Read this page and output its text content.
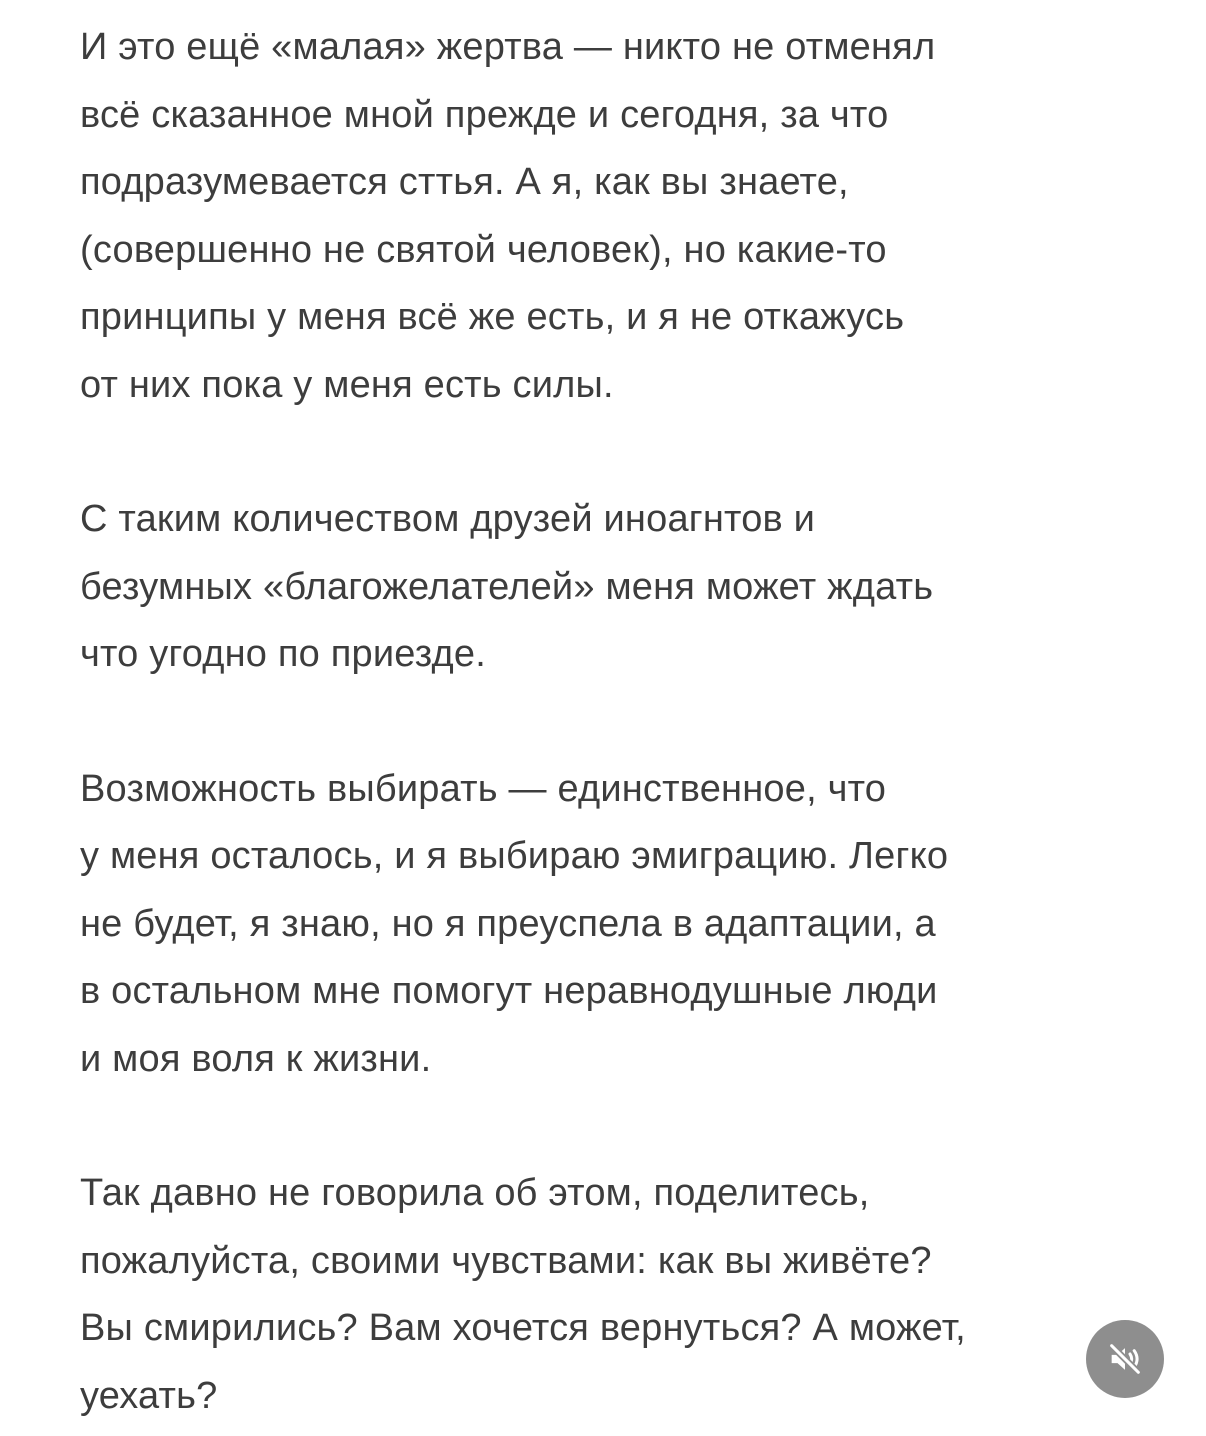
И это ещё «малая» жертва — никто не отменял
всё сказанное мной прежде и сегодня, за что
подразумевается сттья. А я, как вы знаете,
(совершенно не святой человек), но какие-то
принципы у меня всё же есть, и я не откажусь
от них пока у меня есть силы.
С таким количеством друзей иноагнтов и
безумных «благожелателей» меня может ждать
что угодно по приезде.
Возможность выбирать — единственное, что
у меня осталось, и я выбираю эмиграцию. Легко
не будет, я знаю, но я преуспела в адаптации, а
в остальном мне помогут неравнодушные люди
и моя воля к жизни.
Так давно не говорила об этом, поделитесь,
пожалуйста, своими чувствами: как вы живёте?
Вы смирились? Вам хочется вернуться? А может,
уехать?
